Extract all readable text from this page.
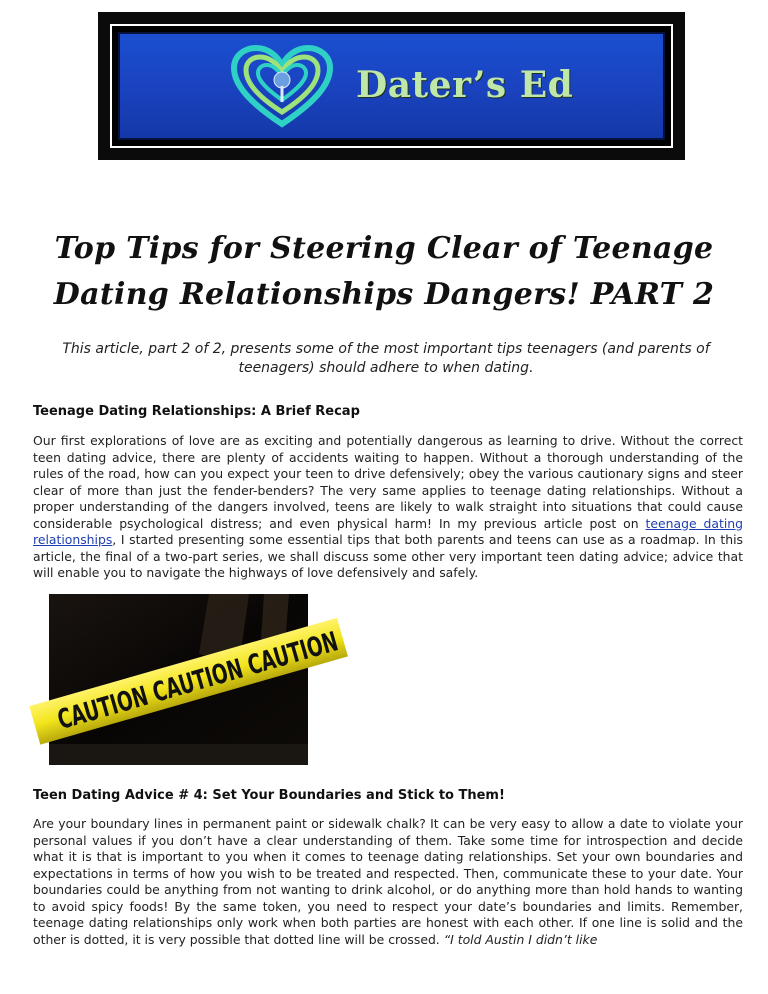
Dater’s Ed
Top Tips for Steering Clear of Teenage Dating Relationships Dangers! PART 2

This article, part 2 of 2, presents some of the most important tips teenagers (and parents of teenagers) should adhere to when dating.

Teenage Dating Relationships: A Brief Recap

Our first explorations of love are as exciting and potentially dangerous as learning to drive. Without the correct teen dating advice, there are plenty of accidents waiting to happen. Without a thorough understanding of the rules of the road, how can you expect your teen to drive defensively; obey the various cautionary signs and steer clear of more than just the fender-benders? The very same applies to teenage dating relationships. Without a proper understanding of the dangers involved, teens are likely to walk straight into situations that could cause considerable psychological distress; and even physical harm! In my previous article post on teenage dating relationships, I started presenting some essential tips that both parents and teens can use as a roadmap. In this article, the final of a two-part series, we shall discuss some other very important teen dating advice; advice that will enable you to navigate the highways of love defensively and safely.

CAUTION CAUTION CAUTION

Teen Dating Advice # 4: Set Your Boundaries and Stick to Them!

Are your boundary lines in permanent paint or sidewalk chalk? It can be very easy to allow a date to violate your personal values if you don’t have a clear understanding of them. Take some time for introspection and decide what it is that is important to you when it comes to teenage dating relationships. Set your own boundaries and expectations in terms of how you wish to be treated and respected. Then, communicate these to your date. Your boundaries could be anything from not wanting to drink alcohol, or do anything more than hold hands to wanting to avoid spicy foods! By the same token, you need to respect your date’s boundaries and limits. Remember, teenage dating relationships only work when both parties are honest with each other. If one line is solid and the other is dotted, it is very possible that dotted line will be crossed. “I told Austin I didn’t like
